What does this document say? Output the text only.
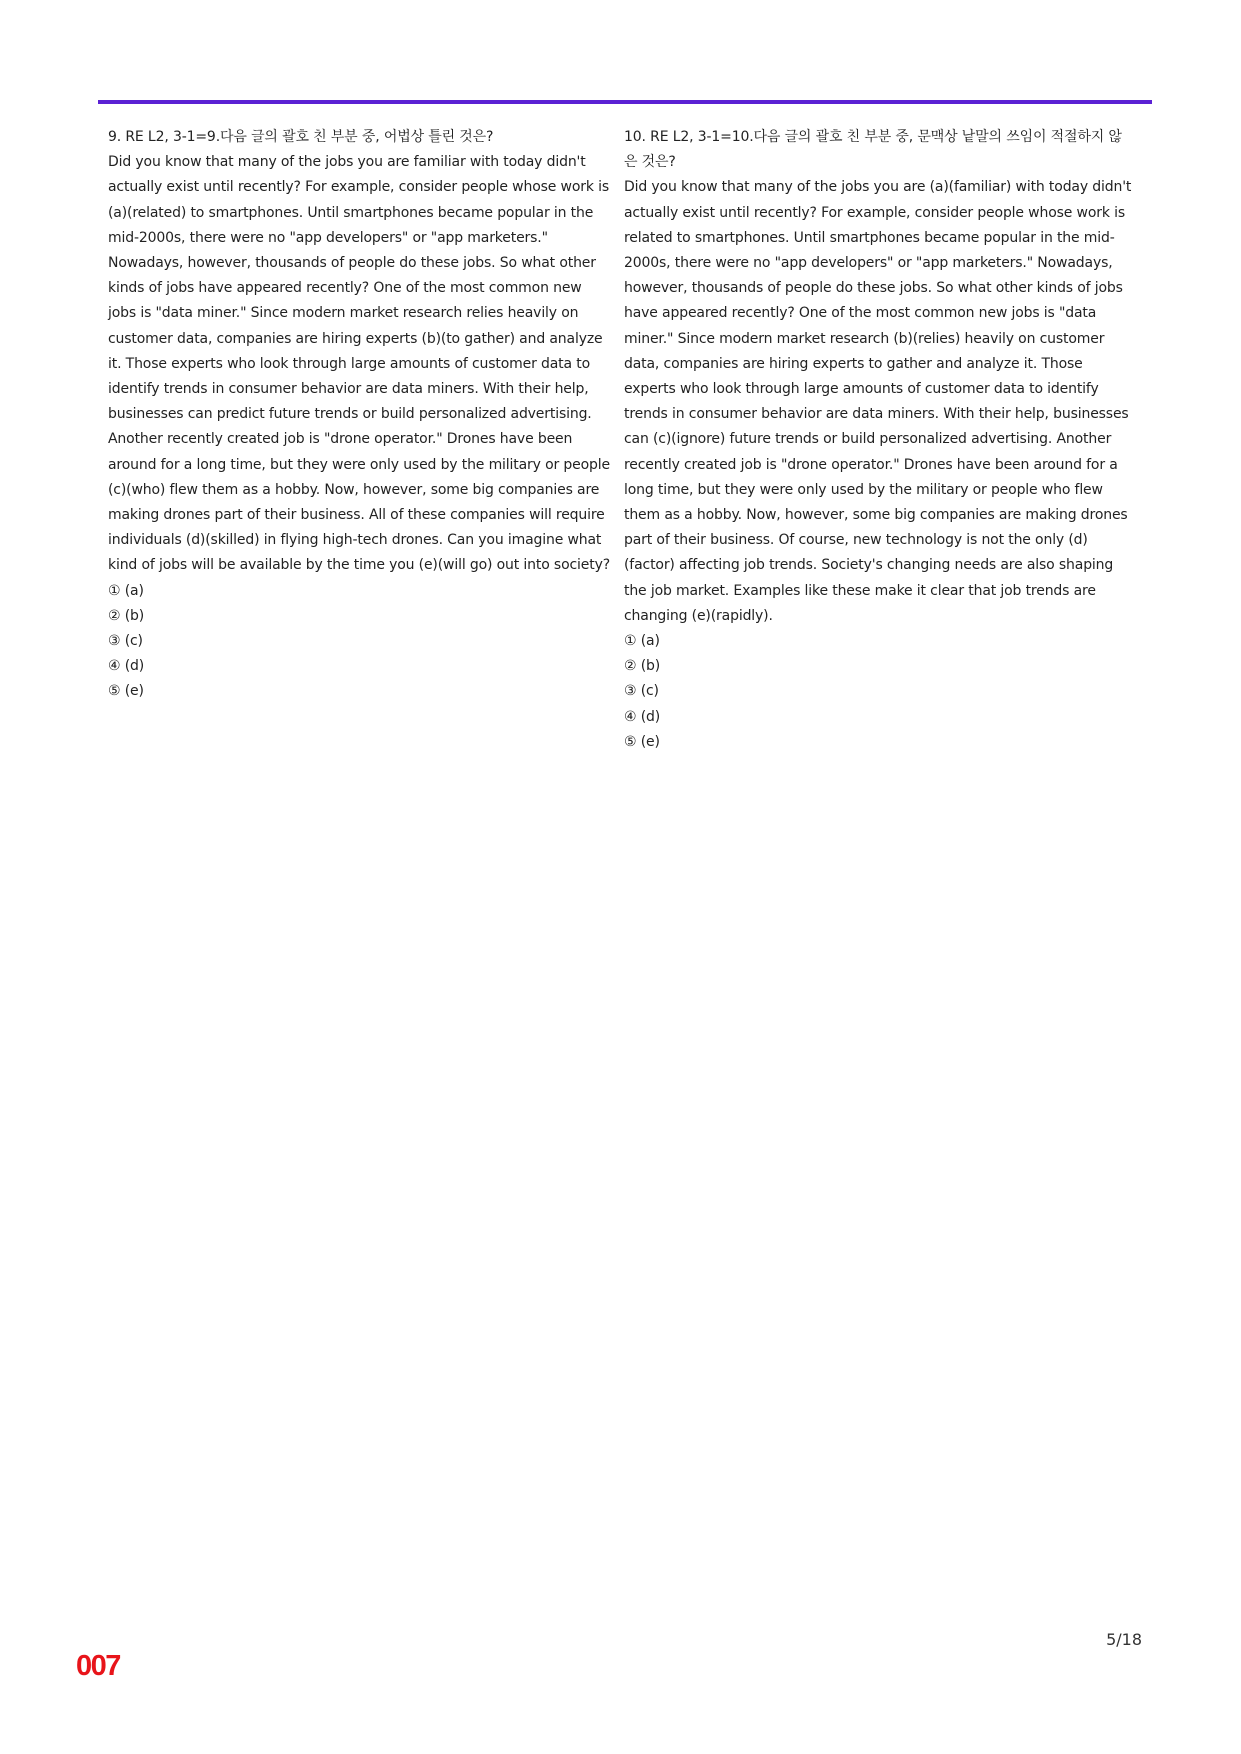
9. RE L2, 3-1=9.다음 글의 괄호 친 부분 중, 어법상 틀린 것은?
Did you know that many of the jobs you are familiar with today didn't actually exist until recently? For example, consider people whose work is (a)(related) to smartphones. Until smartphones became popular in the mid-2000s, there were no "app developers" or "app marketers." Nowadays, however, thousands of people do these jobs. So what other kinds of jobs have appeared recently? One of the most common new jobs is "data miner." Since modern market research relies heavily on customer data, companies are hiring experts (b)(to gather) and analyze it. Those experts who look through large amounts of customer data to identify trends in consumer behavior are data miners. With their help, businesses can predict future trends or build personalized advertising. Another recently created job is "drone operator." Drones have been around for a long time, but they were only used by the military or people (c)(who) flew them as a hobby. Now, however, some big companies are making drones part of their business. All of these companies will require individuals (d)(skilled) in flying high-tech drones. Can you imagine what kind of jobs will be available by the time you (e)(will go) out into society?
① (a)
② (b)
③ (c)
④ (d)
⑤ (e)
10. RE L2, 3-1=10.다음 글의 괄호 친 부분 중, 문맥상 낱말의 쓰임이 적절하지 않은 것은?
Did you know that many of the jobs you are (a)(familiar) with today didn't actually exist until recently? For example, consider people whose work is related to smartphones. Until smartphones became popular in the mid-2000s, there were no "app developers" or "app marketers." Nowadays, however, thousands of people do these jobs. So what other kinds of jobs have appeared recently? One of the most common new jobs is "data miner." Since modern market research (b)(relies) heavily on customer data, companies are hiring experts to gather and analyze it. Those experts who look through large amounts of customer data to identify trends in consumer behavior are data miners. With their help, businesses can (c)(ignore) future trends or build personalized advertising. Another recently created job is "drone operator." Drones have been around for a long time, but they were only used by the military or people who flew them as a hobby. Now, however, some big companies are making drones part of their business. Of course, new technology is not the only (d)(factor) affecting job trends. Society's changing needs are also shaping the job market. Examples like these make it clear that job trends are changing (e)(rapidly).
① (a)
② (b)
③ (c)
④ (d)
⑤ (e)
5/18
007
